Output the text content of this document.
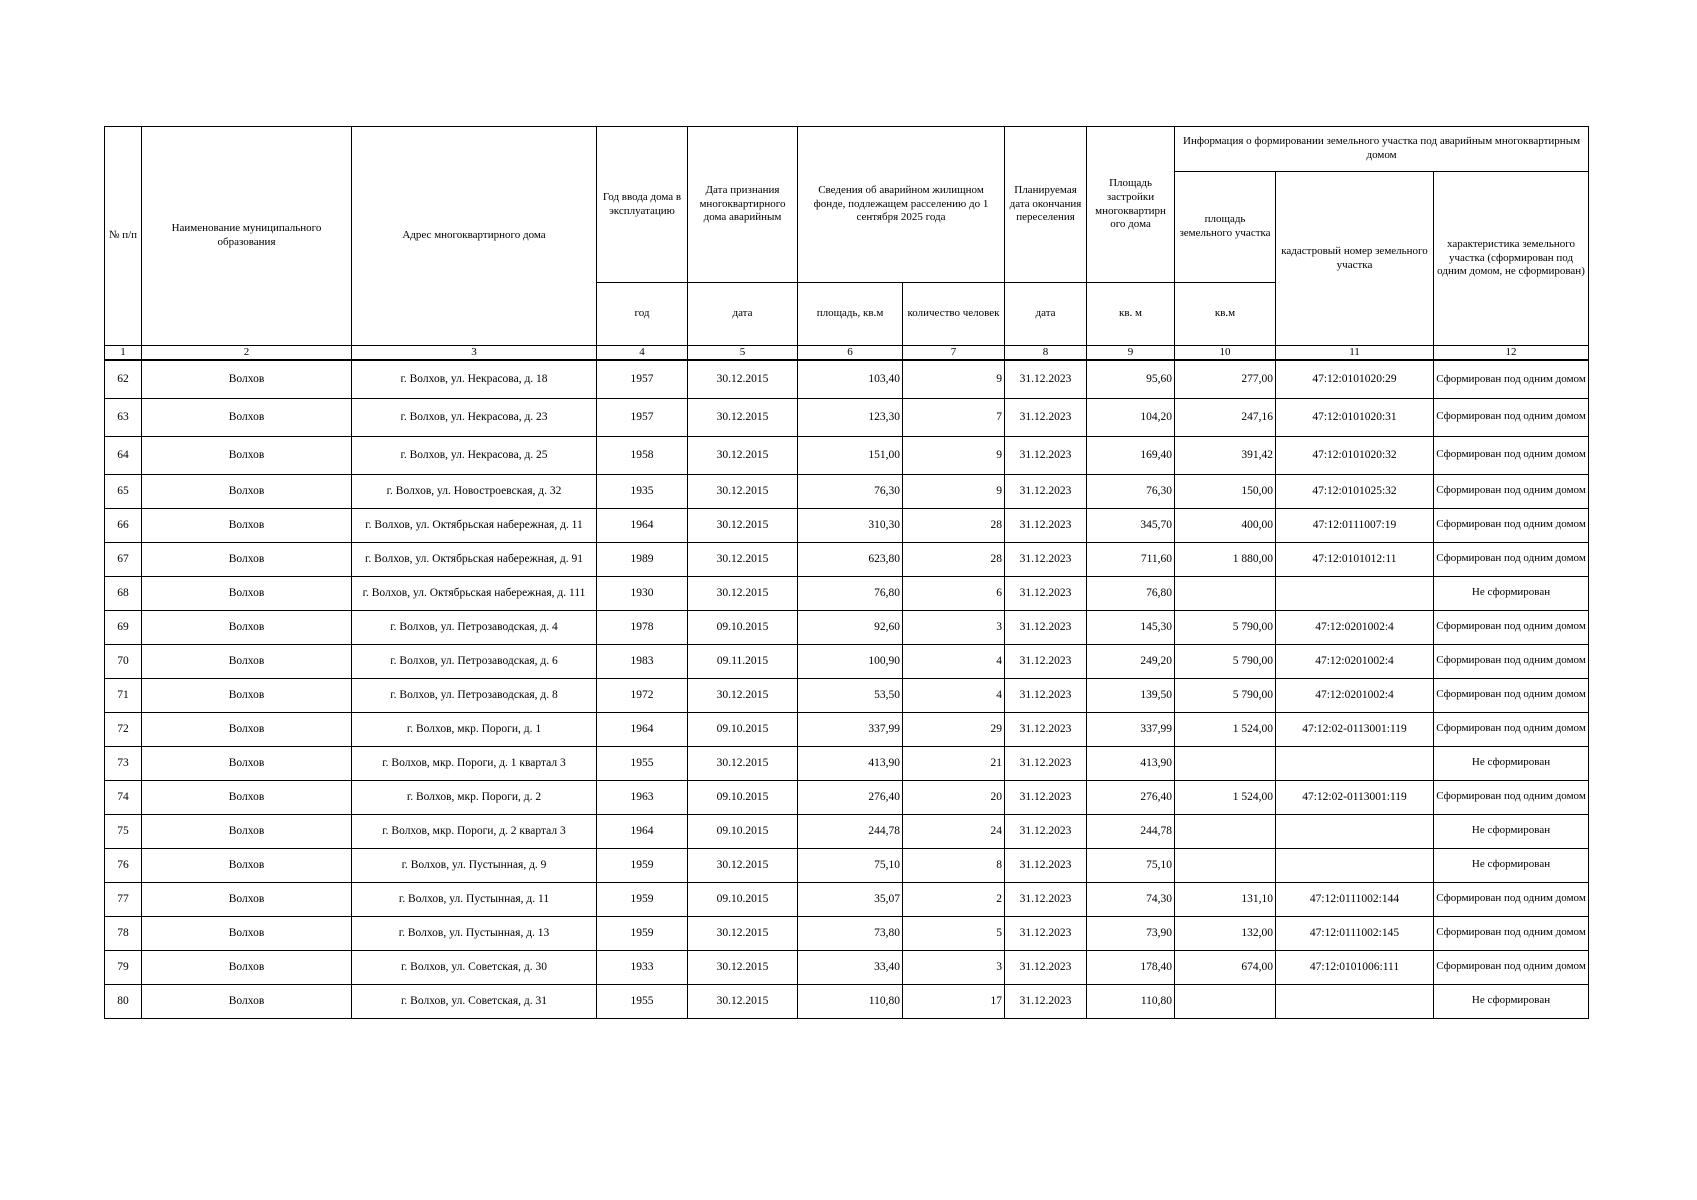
№ п/п	Наименование муниципального образования	Адрес многоквартирного дома	Год ввода дома в эксплуатацию	Дата признания многоквартирного дома аварийным	Сведения об аварийном жилищном фонде, подлежащем расселению до 1 сентября 2025 года		Планируемая дата окончания переселения	Площадь застройки многоквартирн ого дома	Информация о формировании земельного участка под аварийным многоквартирным домом		
									площадь земельного участка	кадастровый номер земельного участка	характеристика земельного участка (сформирован под одним домом, не сформирован)
			год	дата	площадь, кв.м	количество человек	дата	кв. м	кв.м		
1	2	3	4	5	6	7	8	9	10	11	12
62	Волхов	г. Волхов, ул. Некрасова, д. 18	1957	30.12.2015	103,40	9	31.12.2023	95,60	277,00	47:12:0101020:29	Сформирован под одним домом
63	Волхов	г. Волхов, ул. Некрасова, д. 23	1957	30.12.2015	123,30	7	31.12.2023	104,20	247,16	47:12:0101020:31	Сформирован под одним домом
64	Волхов	г. Волхов, ул. Некрасова, д. 25	1958	30.12.2015	151,00	9	31.12.2023	169,40	391,42	47:12:0101020:32	Сформирован под одним домом
65	Волхов	г. Волхов, ул. Новостроевская, д. 32	1935	30.12.2015	76,30	9	31.12.2023	76,30	150,00	47:12:0101025:32	Сформирован под одним домом
66	Волхов	г. Волхов, ул. Октябрьская набережная, д. 11	1964	30.12.2015	310,30	28	31.12.2023	345,70	400,00	47:12:0111007:19	Сформирован под одним домом
67	Волхов	г. Волхов, ул. Октябрьская набережная, д. 91	1989	30.12.2015	623,80	28	31.12.2023	711,60	1 880,00	47:12:0101012:11	Сформирован под одним домом
68	Волхов	г. Волхов, ул. Октябрьская набережная, д. 111	1930	30.12.2015	76,80	6	31.12.2023	76,80			Не сформирован
69	Волхов	г. Волхов, ул. Петрозаводская, д. 4	1978	09.10.2015	92,60	3	31.12.2023	145,30	5 790,00	47:12:0201002:4	Сформирован под одним домом
70	Волхов	г. Волхов, ул. Петрозаводская, д. 6	1983	09.11.2015	100,90	4	31.12.2023	249,20	5 790,00	47:12:0201002:4	Сформирован под одним домом
71	Волхов	г. Волхов, ул. Петрозаводская, д. 8	1972	30.12.2015	53,50	4	31.12.2023	139,50	5 790,00	47:12:0201002:4	Сформирован под одним домом
72	Волхов	г. Волхов, мкр. Пороги, д. 1	1964	09.10.2015	337,99	29	31.12.2023	337,99	1 524,00	47:12:02-0113001:119	Сформирован под одним домом
73	Волхов	г. Волхов, мкр. Пороги, д. 1 квартал 3	1955	30.12.2015	413,90	21	31.12.2023	413,90			Не сформирован
74	Волхов	г. Волхов, мкр. Пороги, д. 2	1963	09.10.2015	276,40	20	31.12.2023	276,40	1 524,00	47:12:02-0113001:119	Сформирован под одним домом
75	Волхов	г. Волхов, мкр. Пороги, д. 2 квартал 3	1964	09.10.2015	244,78	24	31.12.2023	244,78			Не сформирован
76	Волхов	г. Волхов, ул. Пустынная, д. 9	1959	30.12.2015	75,10	8	31.12.2023	75,10			Не сформирован
77	Волхов	г. Волхов, ул. Пустынная, д. 11	1959	09.10.2015	35,07	2	31.12.2023	74,30	131,10	47:12:0111002:144	Сформирован под одним домом
78	Волхов	г. Волхов, ул. Пустынная, д. 13	1959	30.12.2015	73,80	5	31.12.2023	73,90	132,00	47:12:0111002:145	Сформирован под одним домом
79	Волхов	г. Волхов, ул. Советская, д. 30	1933	30.12.2015	33,40	3	31.12.2023	178,40	674,00	47:12:0101006:111	Сформирован под одним домом
80	Волхов	г. Волхов, ул. Советская, д. 31	1955	30.12.2015	110,80	17	31.12.2023	110,80			Не сформирован
